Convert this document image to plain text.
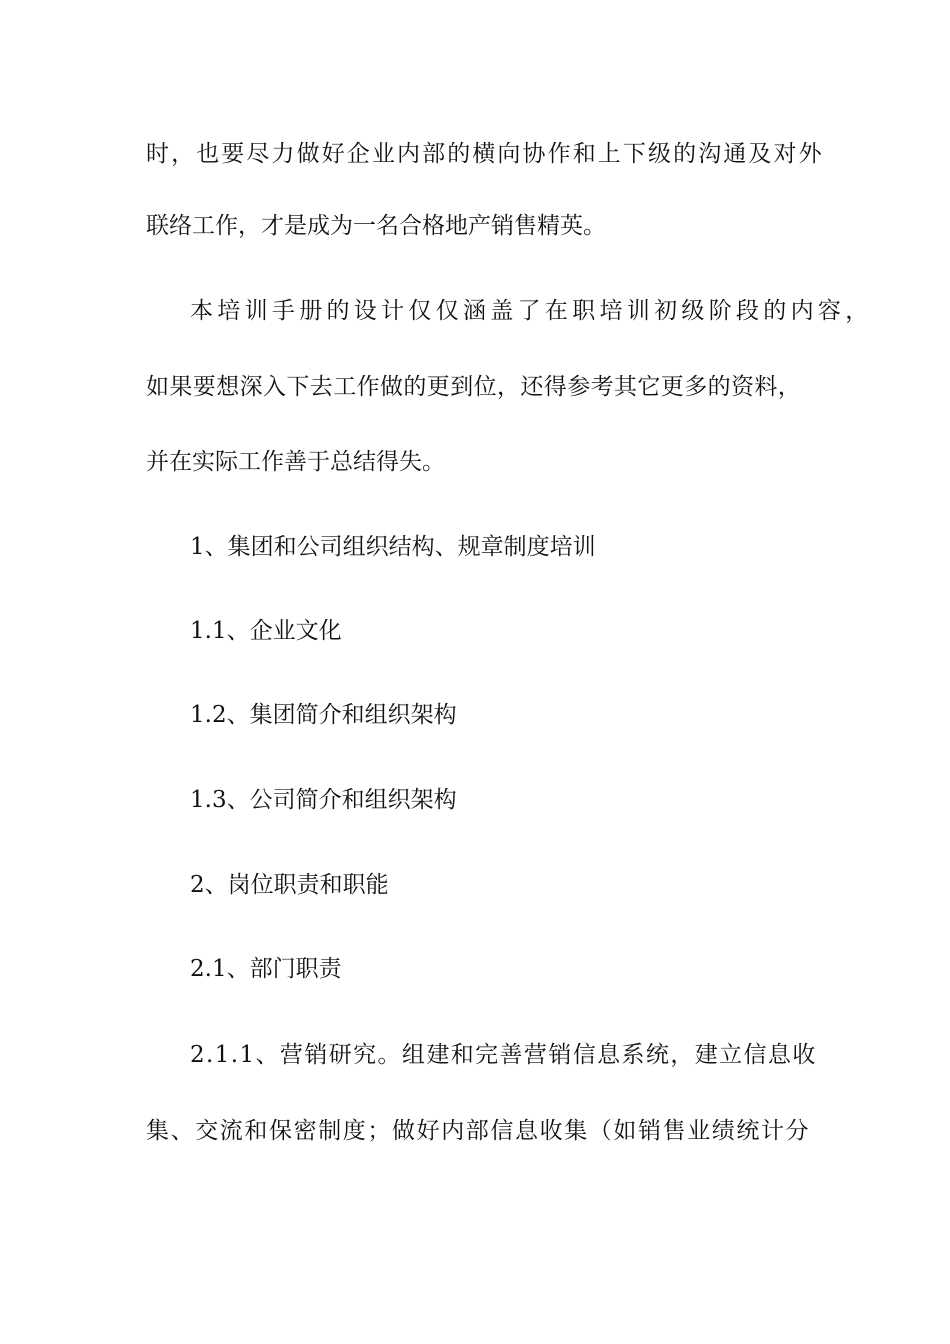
时，也要尽力做好企业内部的横向协作和上下级的沟通及对外
联络工作，才是成为一名合格地产销售精英。
本培训手册的设计仅仅涵盖了在职培训初级阶段的内容，
如果要想深入下去工作做的更到位，还得参考其它更多的资料，
并在实际工作善于总结得失。
1、集团和公司组织结构、规章制度培训
1.1、企业文化
1.2、集团简介和组织架构
1.3、公司简介和组织架构
2、岗位职责和职能
2.1、部门职责
2.1.1、营销研究。组建和完善营销信息系统，建立信息收
集、交流和保密制度；做好内部信息收集（如销售业绩统计分
